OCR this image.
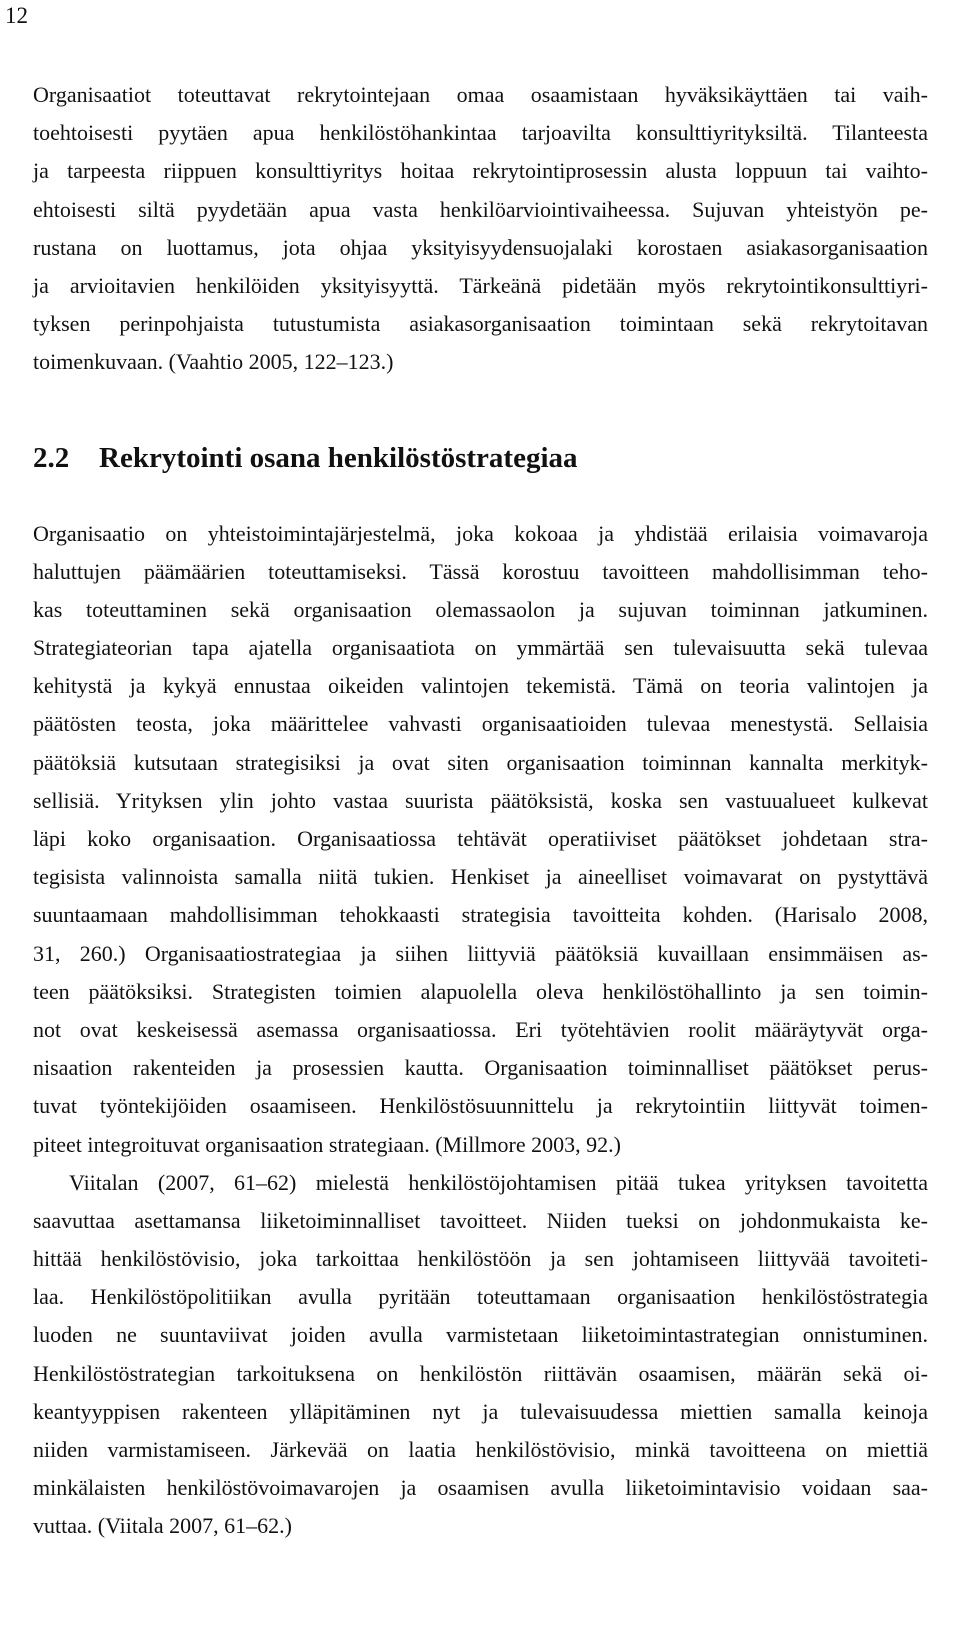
12
Organisaatiot toteuttavat rekrytointejaan omaa osaamistaan hyväksikäyttäen tai vaih-
toehtoisesti pyytäen apua henkilöstöhankintaa tarjoavilta konsulttiyrityksiltä. Tilanteesta
ja tarpeesta riippuen konsulttiyritys hoitaa rekrytointiprosessin alusta loppuun tai vaihto-
ehtoisesti siltä pyydetään apua vasta henkilöarviointivaiheessa. Sujuvan yhteistyön pe-
rustana on luottamus, jota ohjaa yksityisyydensuojalaki korostaen asiakasorganisaation
ja arvioitavien henkilöiden yksityisyyttä. Tärkeänä pidetään myös rekrytointikonsulttiyri-
tyksen perinpohjaista tutustumista asiakasorganisaation toimintaan sekä rekrytoitavan
toimenkuvaan. (Vaahtio 2005, 122–123.)
2.2	Rekrytointi osana henkilöstöstrategiaa
Organisaatio on yhteistoimintajärjestelmä, joka kokoaa ja yhdistää erilaisia voimavaroja
haluttujen päämäärien toteuttamiseksi. Tässä korostuu tavoitteen mahdollisimman teho-
kas toteuttaminen sekä organisaation olemassaolon ja sujuvan toiminnan jatkuminen.
Strategiateorian tapa ajatella organisaatiota on ymmärtää sen tulevaisuutta sekä tulevaa
kehitystä ja kykyä ennustaa oikeiden valintojen tekemistä. Tämä on teoria valintojen ja
päätösten teosta, joka määrittelee vahvasti organisaatioiden tulevaa menestystä. Sellaisia
päätöksiä kutsutaan strategisiksi ja ovat siten organisaation toiminnan kannalta merkityk-
sellisiä. Yrityksen ylin johto vastaa suurista päätöksistä, koska sen vastuualueet kulkevat
läpi koko organisaation. Organisaatiossa tehtävät operatiiviset päätökset johdetaan stra-
tegisista valinnoista samalla niitä tukien. Henkiset ja aineelliset voimavarat on pystyttävä
suuntaamaan mahdollisimman tehokkaasti strategisia tavoitteita kohden. (Harisalo 2008,
31, 260.) Organisaatiostrategiaa ja siihen liittyviä päätöksiä kuvaillaan ensimmäisen as-
teen päätöksiksi. Strategisten toimien alapuolella oleva henkilöstöhallinto ja sen toimin-
not ovat keskeisessä asemassa organisaatiossa. Eri työtehtävien roolit määräytyvät orga-
nisaation rakenteiden ja prosessien kautta. Organisaation toiminnalliset päätökset perus-
tuvat työntekijöiden osaamiseen. Henkilöstösuunnittelu ja rekrytointiin liittyvät toimen-
piteet integroituvat organisaation strategiaan. (Millmore 2003, 92.)
Viitalan (2007, 61–62) mielestä henkilöstöjohtamisen pitää tukea yrityksen tavoitetta
saavuttaa asettamansa liiketoiminnalliset tavoitteet. Niiden tueksi on johdonmukaista ke-
hittää henkilöstövisio, joka tarkoittaa henkilöstöön ja sen johtamiseen liittyvää tavoiteti-
laa. Henkilöstöpolitiikan avulla pyritään toteuttamaan organisaation henkilöstöstrategia
luoden ne suuntaviivat joiden avulla varmistetaan liiketoimintastrategian onnistuminen.
Henkilöstöstrategian tarkoituksena on henkilöstön riittävän osaamisen, määrän sekä oi-
keantyyppisen rakenteen ylläpitäminen nyt ja tulevaisuudessa miettien samalla keinoja
niiden varmistamiseen. Järkevää on laatia henkilöstövisio, minkä tavoitteena on miettiä
minkälaisten henkilöstövoimavarojen ja osaamisen avulla liiketoimintavisio voidaan saa-
vuttaa. (Viitala 2007, 61–62.)
